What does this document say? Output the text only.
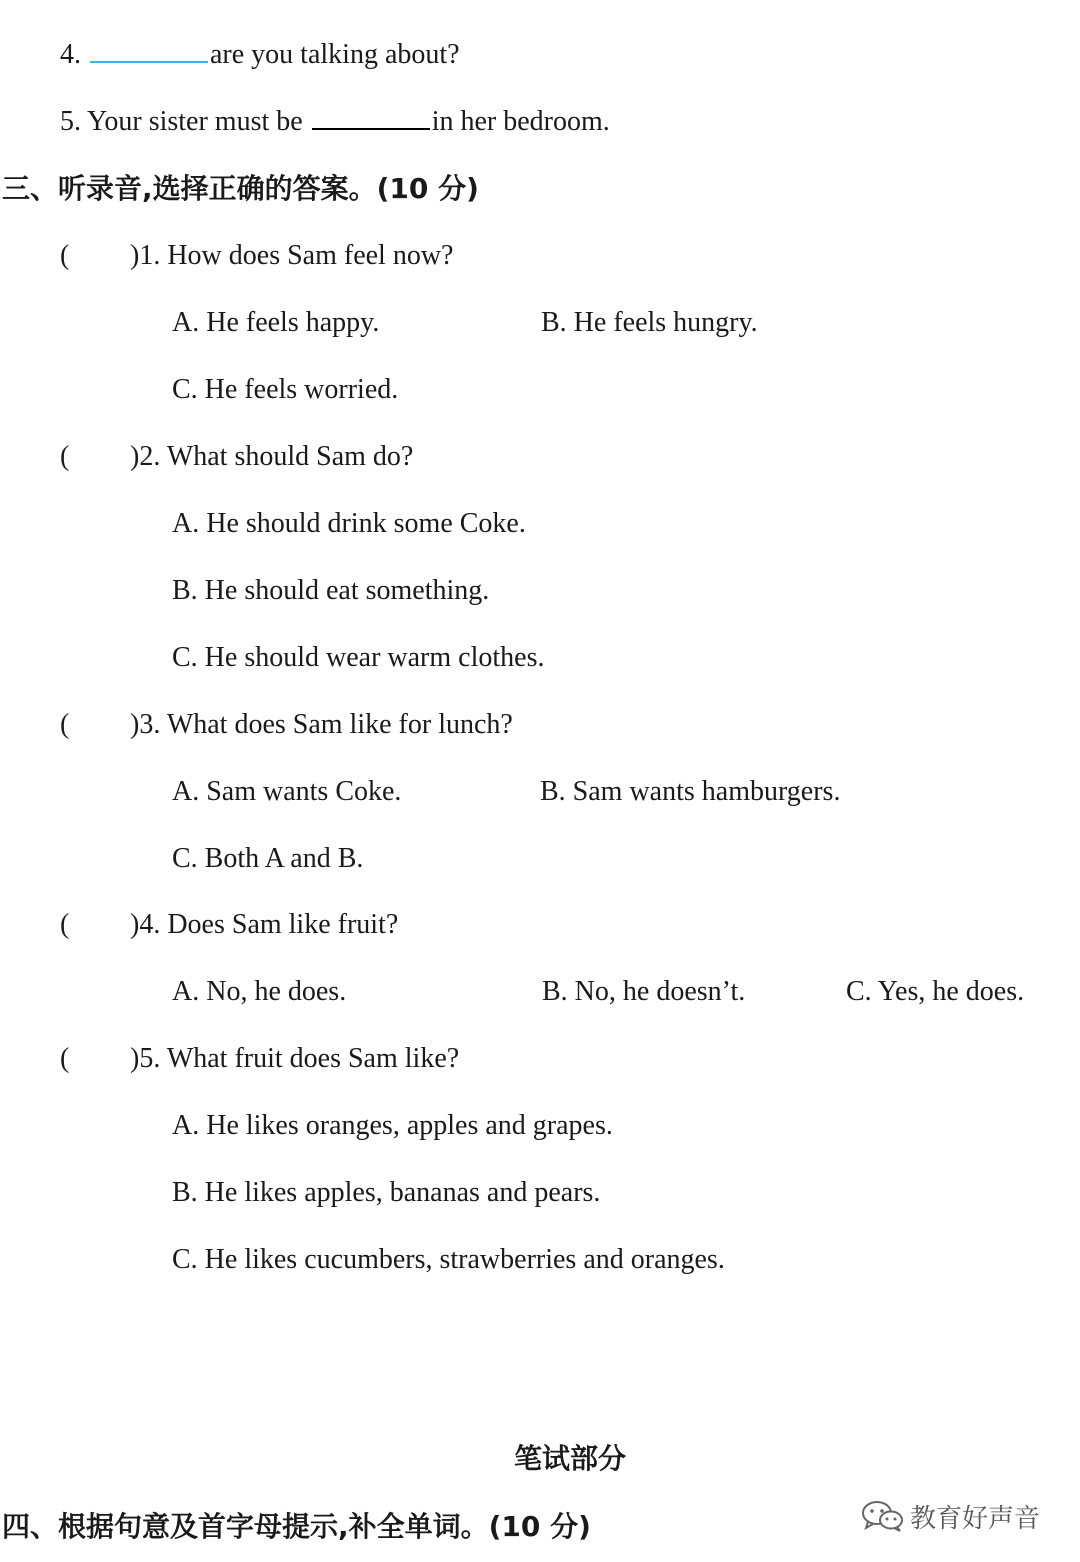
4.	are you talking about?
5. Your sister must be	in her bedroom.
三、听录音,选择正确的答案。(10 分)
( )1. How does Sam feel now?
A. He feels happy.	B. He feels hungry.
C. He feels worried.
( )2. What should Sam do?
A. He should drink some Coke.
B. He should eat something.
C. He should wear warm clothes.
( )3. What does Sam like for lunch?
A. Sam wants Coke.	B. Sam wants hamburgers.
C. Both A and B.
( )4. Does Sam like fruit?
A. No, he does.	B. No, he doesn’t.	C. Yes, he does.
( )5. What fruit does Sam like?
A. He likes oranges, apples and grapes.
B. He likes apples, bananas and pears.
C. He likes cucumbers, strawberries and oranges.
笔试部分
四、根据句意及首字母提示,补全单词。(10 分)	教育好声音
